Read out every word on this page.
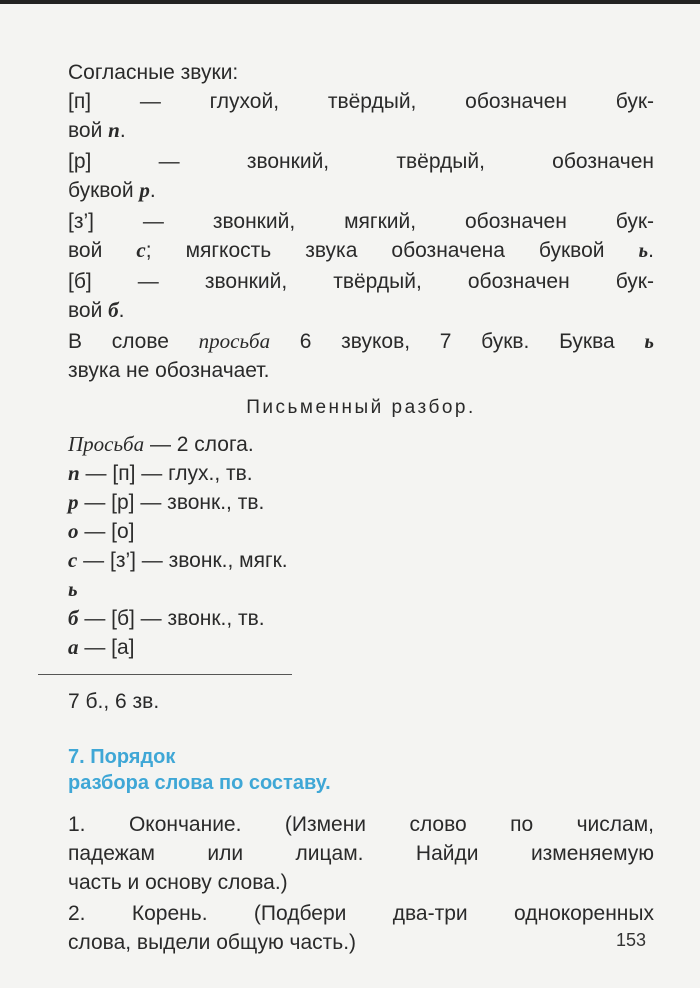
Согласные звуки:

[п] — глухой, твёрдый, обозначен бук-

вой п.

[р] — звонкий, твёрдый, обозначен

буквой р.

[з’] — звонкий, мягкий, обозначен бук-

вой с; мягкость звука обозначена буквой ь.

[б] — звонкий, твёрдый, обозначен бук-

вой б.

В слове просьба 6 звуков, 7 букв. Буква ь

звука не обозначает.

Письменный разбор.

Просьба — 2 слога.
п — [п] — глух., тв.
р — [р] — звонк., тв.
о — [о]
с — [з’] — звонк., мягк.
ь
б — [б] — звонк., тв.
а — [а]

7 б., 6 зв.

7. Порядок
разбора слова по составу.

1. Окончание. (Измени слово по числам,

падежам или лицам. Найди изменяемую

часть и основу слова.)

2. Корень. (Подбери два-три однокоренных

слова, выдели общую часть.)	153
